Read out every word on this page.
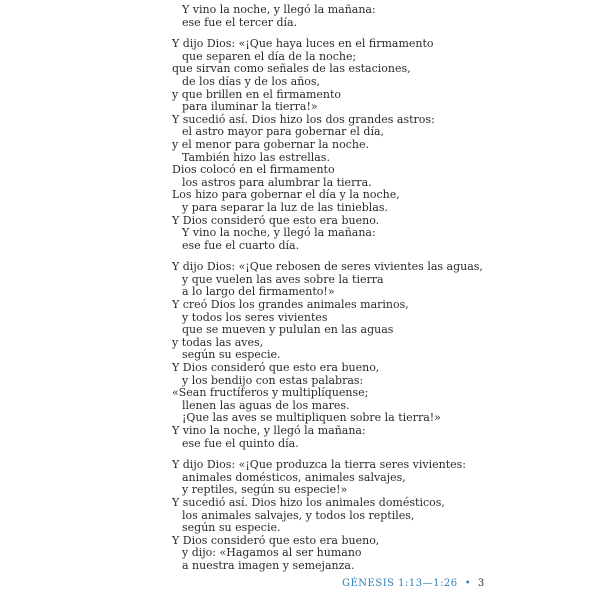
Y vino la noche, y llegó la mañana:
ese fue el tercer día.
Y dijo Dios: «¡Que haya luces en el firmamento
que separen el día de la noche;
que sirvan como señales de las estaciones,
de los días y de los años,
y que brillen en el firmamento
para iluminar la tierra!»
Y sucedió así. Dios hizo los dos grandes astros:
el astro mayor para gobernar el día,
y el menor para gobernar la noche.
También hizo las estrellas.
Dios colocó en el firmamento
los astros para alumbrar la tierra.
Los hizo para gobernar el día y la noche,
y para separar la luz de las tinieblas.
Y Dios consideró que esto era bueno.
Y vino la noche, y llegó la mañana:
ese fue el cuarto día.
Y dijo Dios: «¡Que rebosen de seres vivientes las aguas,
y que vuelen las aves sobre la tierra
a lo largo del firmamento!»
Y creó Dios los grandes animales marinos,
y todos los seres vivientes
que se mueven y pululan en las aguas
y todas las aves,
según su especie.
Y Dios consideró que esto era bueno,
y los bendijo con estas palabras:
«Sean fructíferos y multiplíquense;
llenen las aguas de los mares.
¡Que las aves se multipliquen sobre la tierra!»
Y vino la noche, y llegó la mañana:
ese fue el quinto día.
Y dijo Dios: «¡Que produzca la tierra seres vivientes:
animales domésticos, animales salvajes,
y reptiles, según su especie!»
Y sucedió así. Dios hizo los animales domésticos,
los animales salvajes, y todos los reptiles,
según su especie.
Y Dios consideró que esto era bueno,
y dijo: «Hagamos al ser humano
a nuestra imagen y semejanza.
GÉNESIS 1:13—1:26 • 3
